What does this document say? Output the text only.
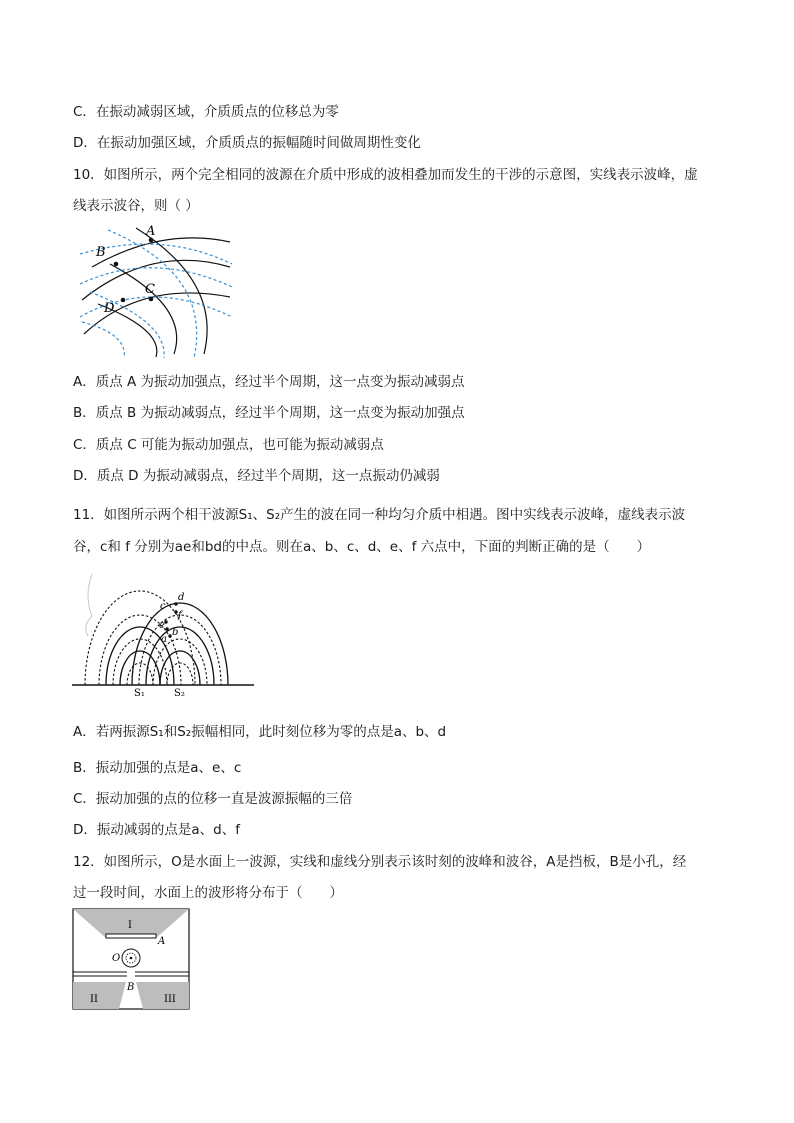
C．在振动减弱区域，介质质点的位移总为零
D．在振动加强区域，介质质点的振幅随时间做周期性变化
10．如图所示，两个完全相同的波源在介质中形成的波相叠加而发生的干涉的示意图，实线表示波峰，虚
线表示波谷，则（ ）
A
B
C
D
A．质点 A 为振动加强点，经过半个周期，这一点变为振动减弱点
B．质点 B 为振动减弱点，经过半个周期，这一点变为振动加强点
C．质点 C 可能为振动加强点，也可能为振动减弱点
D．质点 D 为振动减弱点，经过半个周期，这一点振动仍减弱
11．如图所示两个相干波源S₁、S₂产生的波在同一种均匀介质中相遇。图中实线表示波峰，虚线表示波
谷，c和 f 分别为ae和bd的中点。则在a、b、c、d、e、f 六点中，下面的判断正确的是（　　）
d
c
f
e
b
a
S₁	S₂
A．若两振源S₁和S₂振幅相同，此时刻位移为零的点是a、b、d
B．振动加强的点是a、e、c
C．振动加强的点的位移一直是波源振幅的三倍
D．振动减弱的点是a、d、f
12．如图所示，O是水面上一波源，实线和虚线分别表示该时刻的波峰和波谷，A是挡板，B是小孔，经
过一段时间，水面上的波形将分布于（　　）
I
A
O
B
II	III
